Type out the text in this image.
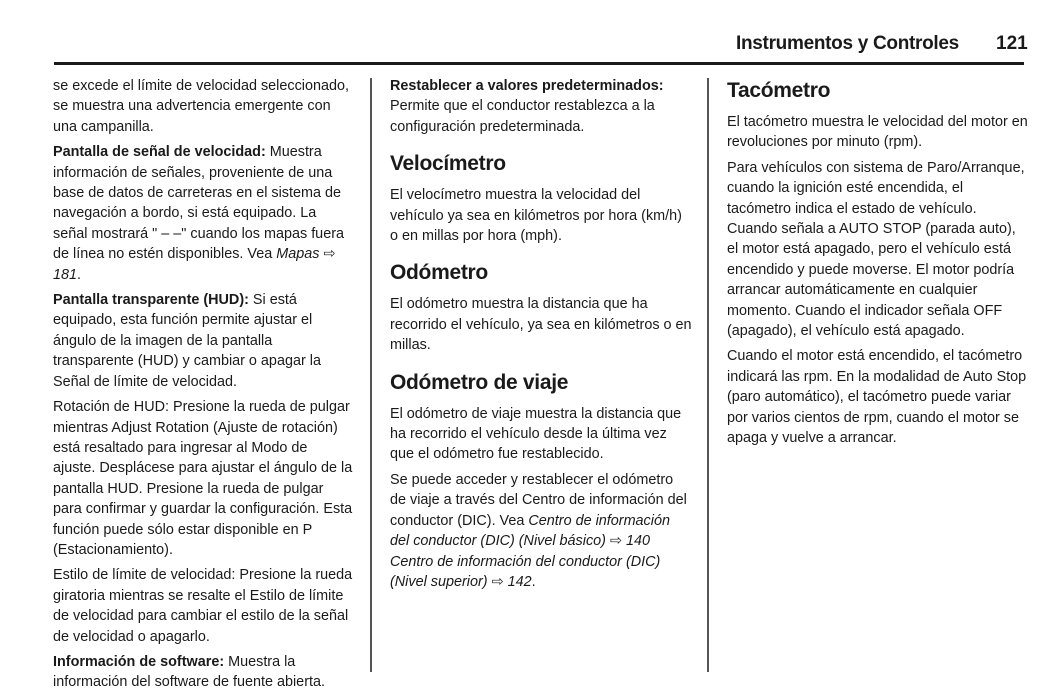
Instrumentos y Controles 121

se excede el límite de velocidad seleccionado, se muestra una advertencia emergente con una campanilla.

Pantalla de señal de velocidad: Muestra información de señales, proveniente de una base de datos de carreteras en el sistema de navegación a bordo, si está equipado. La señal mostrará " – –" cuando los mapas fuera de línea no estén disponibles. Vea Mapas ⇨ 181.

Pantalla transparente (HUD): Si está equipado, esta función permite ajustar el ángulo de la imagen de la pantalla transparente (HUD) y cambiar o apagar la Señal de límite de velocidad.

Rotación de HUD: Presione la rueda de pulgar mientras Adjust Rotation (Ajuste de rotación) está resaltado para ingresar al Modo de ajuste. Desplácese para ajustar el ángulo de la pantalla HUD. Presione la rueda de pulgar para confirmar y guardar la configuración. Esta función puede sólo estar disponible en P (Estacionamiento).

Estilo de límite de velocidad: Presione la rueda giratoria mientras se resalte el Estilo de límite de velocidad para cambiar el estilo de la señal de velocidad o apagarlo.

Información de software: Muestra la información del software de fuente abierta.

Restablecer a valores predeterminados: Permite que el conductor restablezca a la configuración predeterminada.

Velocímetro

El velocímetro muestra la velocidad del vehículo ya sea en kilómetros por hora (km/h) o en millas por hora (mph).

Odómetro

El odómetro muestra la distancia que ha recorrido el vehículo, ya sea en kilómetros o en millas.

Odómetro de viaje

El odómetro de viaje muestra la distancia que ha recorrido el vehículo desde la última vez que el odómetro fue restablecido.

Se puede acceder y restablecer el odómetro de viaje a través del Centro de información del conductor (DIC). Vea Centro de información del conductor (DIC) (Nivel básico) ⇨ 140 Centro de información del conductor (DIC) (Nivel superior) ⇨ 142.

Tacómetro

El tacómetro muestra le velocidad del motor en revoluciones por minuto (rpm).

Para vehículos con sistema de Paro/Arranque, cuando la ignición esté encendida, el tacómetro indica el estado de vehículo. Cuando señala a AUTO STOP (parada auto), el motor está apagado, pero el vehículo está encendido y puede moverse. El motor podría arrancar automáticamente en cualquier momento. Cuando el indicador señala OFF (apagado), el vehículo está apagado.

Cuando el motor está encendido, el tacómetro indicará las rpm. En la modalidad de Auto Stop (paro automático), el tacómetro puede variar por varios cientos de rpm, cuando el motor se apaga y vuelve a arrancar.
